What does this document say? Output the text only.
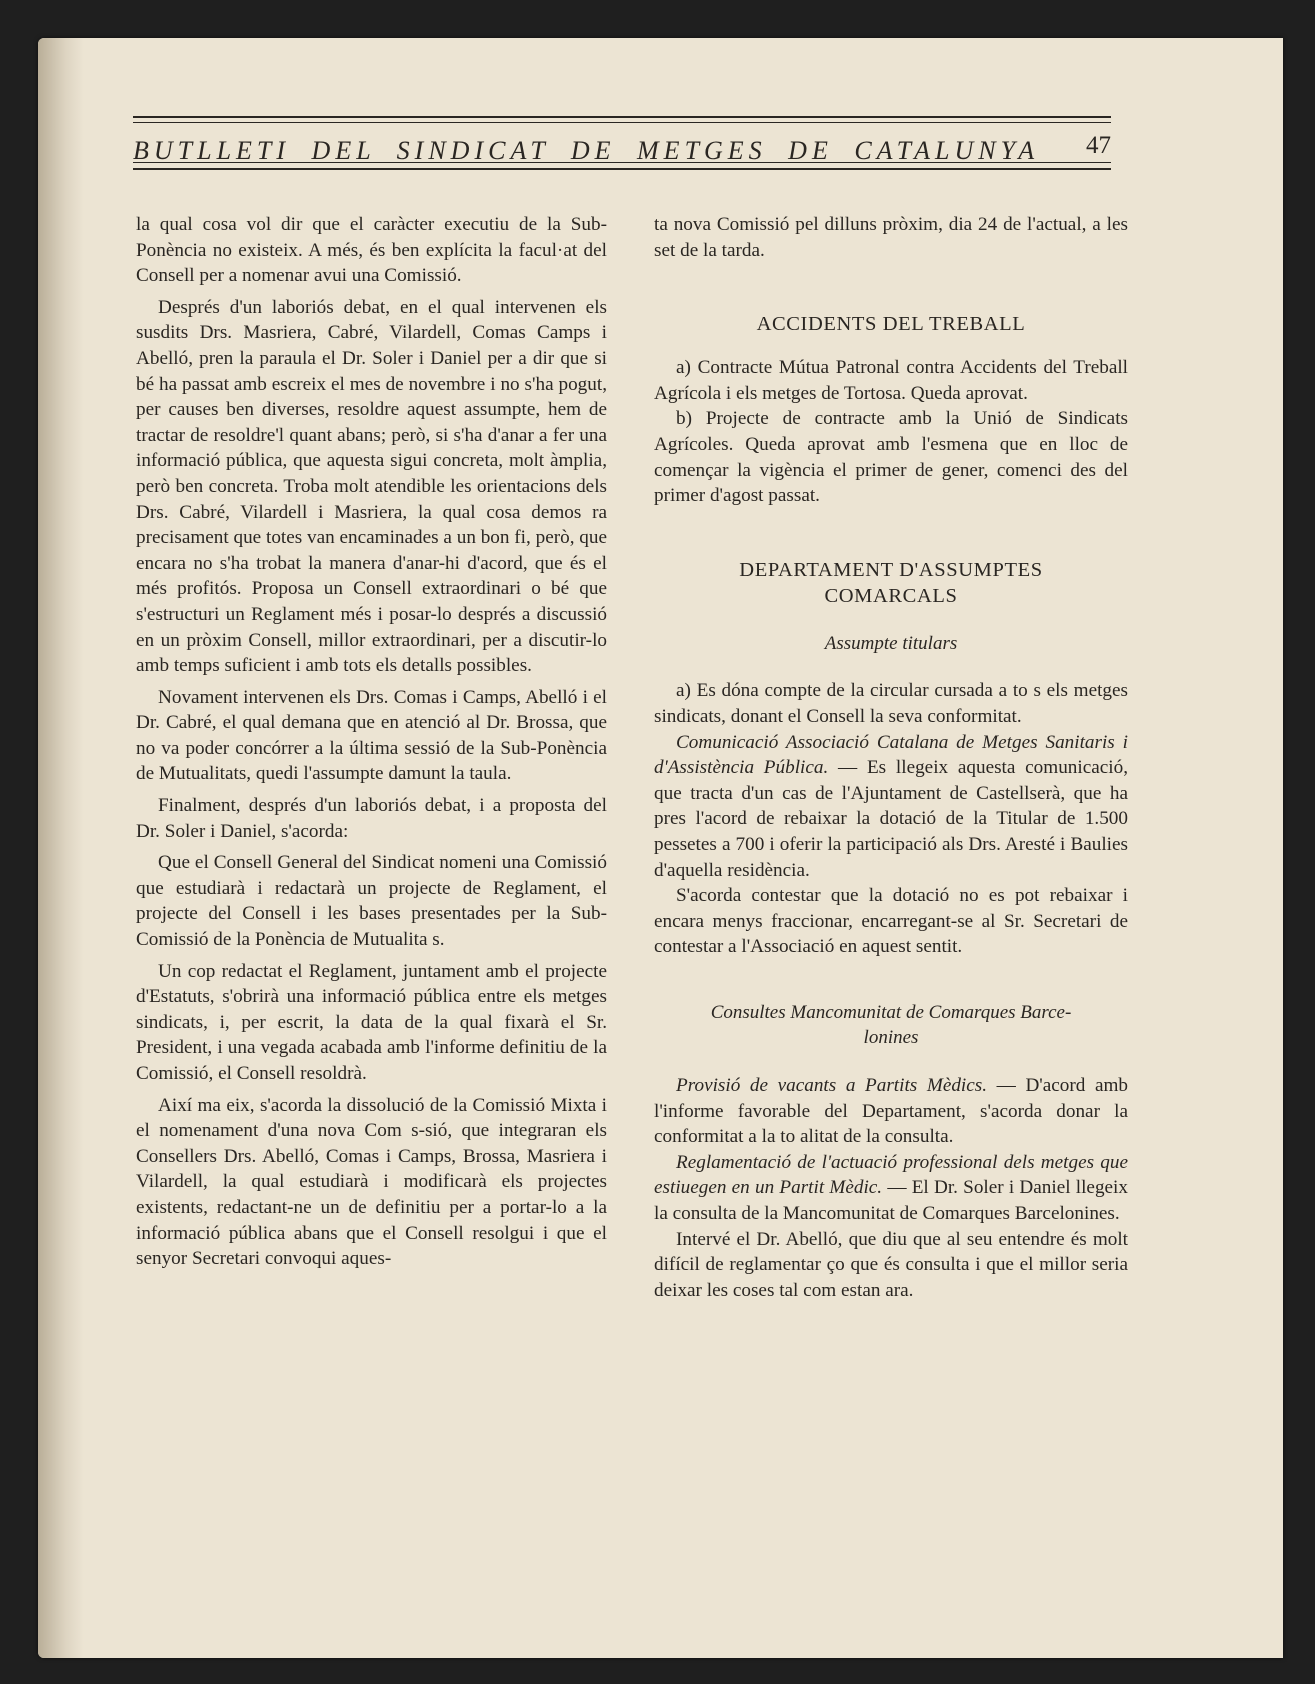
BUTLLETI DEL SINDICAT DE METGES DE CATALUNYA 47

la qual cosa vol dir que el caràcter executiu de la Sub-Ponència no existeix. A més, és ben explícita la facul·at del Consell per a nomenar avui una Comissió.

Després d'un laboriós debat, en el qual intervenen els susdits Drs. Masriera, Cabré, Vilardell, Comas Camps i Abelló, pren la paraula el Dr. Soler i Daniel per a dir que si bé ha passat amb escreix el mes de novembre i no s'ha pogut, per causes ben diverses, resoldre aquest assumpte, hem de tractar de resoldre'l quant abans; però, si s'ha d'anar a fer una informació pública, que aquesta sigui concreta, molt àmplia, però ben concreta. Troba molt atendible les orientacions dels Drs. Cabré, Vilardell i Masriera, la qual cosa demos ra precisament que totes van encaminades a un bon fi, però, que encara no s'ha trobat la manera d'anar-hi d'acord, que és el més profitós. Proposa un Consell extraordinari o bé que s'estructuri un Reglament més i posar-lo després a discussió en un pròxim Consell, millor extraordinari, per a discutir-lo amb temps suficient i amb tots els detalls possibles.

Novament intervenen els Drs. Comas i Camps, Abelló i el Dr. Cabré, el qual demana que en atenció al Dr. Brossa, que no va poder concórrer a la última sessió de la Sub-Ponència de Mutualitats, quedi l'assumpte damunt la taula.

Finalment, després d'un laboriós debat, i a proposta del Dr. Soler i Daniel, s'acorda:

Que el Consell General del Sindicat nomeni una Comissió que estudiarà i redactarà un projecte de Reglament, el projecte del Consell i les bases presentades per la Sub-Comissió de la Ponència de Mutualita s.

Un cop redactat el Reglament, juntament amb el projecte d'Estatuts, s'obrirà una informació pública entre els metges sindicats, i, per escrit, la data de la qual fixarà el Sr. President, i una vegada acabada amb l'informe definitiu de la Comissió, el Consell resoldrà.

Així ma eix, s'acorda la dissolució de la Comissió Mixta i el nomenament d'una nova Com s-sió, que integraran els Consellers Drs. Abelló, Comas i Camps, Brossa, Masriera i Vilardell, la qual estudiarà i modificarà els projectes existents, redactant-ne un de definitiu per a portar-lo a la informació pública abans que el Consell resolgui i que el senyor Secretari convoqui aques-

ta nova Comissió pel dilluns pròxim, dia 24 de l'actual, a les set de la tarda.

ACCIDENTS DEL TREBALL

a) Contracte Mútua Patronal contra Accidents del Treball Agrícola i els metges de Tortosa. Queda aprovat.

b) Projecte de contracte amb la Unió de Sindicats Agrícoles. Queda aprovat amb l'esmena que en lloc de començar la vigència el primer de gener, comenci des del primer d'agost passat.

DEPARTAMENT D'ASSUMPTES
COMARCALS
Assumpte titulars

a) Es dóna compte de la circular cursada a to s els metges sindicats, donant el Consell la seva conformitat.

Comunicació Associació Catalana de Metges Sanitaris i d'Assistència Pública. — Es llegeix aquesta comunicació, que tracta d'un cas de l'Ajuntament de Castellserà, que ha pres l'acord de rebaixar la dotació de la Titular de 1.500 pessetes a 700 i oferir la participació als Drs. Aresté i Baulies d'aquella residència.

S'acorda contestar que la dotació no es pot rebaixar i encara menys fraccionar, encarregant-se al Sr. Secretari de contestar a l'Associació en aquest sentit.

Consultes Mancomunitat de Comarques Barce-
lonines

Provisió de vacants a Partits Mèdics. — D'acord amb l'informe favorable del Departament, s'acorda donar la conformitat a la to alitat de la consulta.

Reglamentació de l'actuació professional dels metges que estiuegen en un Partit Mèdic. — El Dr. Soler i Daniel llegeix la consulta de la Mancomunitat de Comarques Barcelonines.

Intervé el Dr. Abelló, que diu que al seu entendre és molt difícil de reglamentar ço que és consulta i que el millor seria deixar les coses tal com estan ara.
